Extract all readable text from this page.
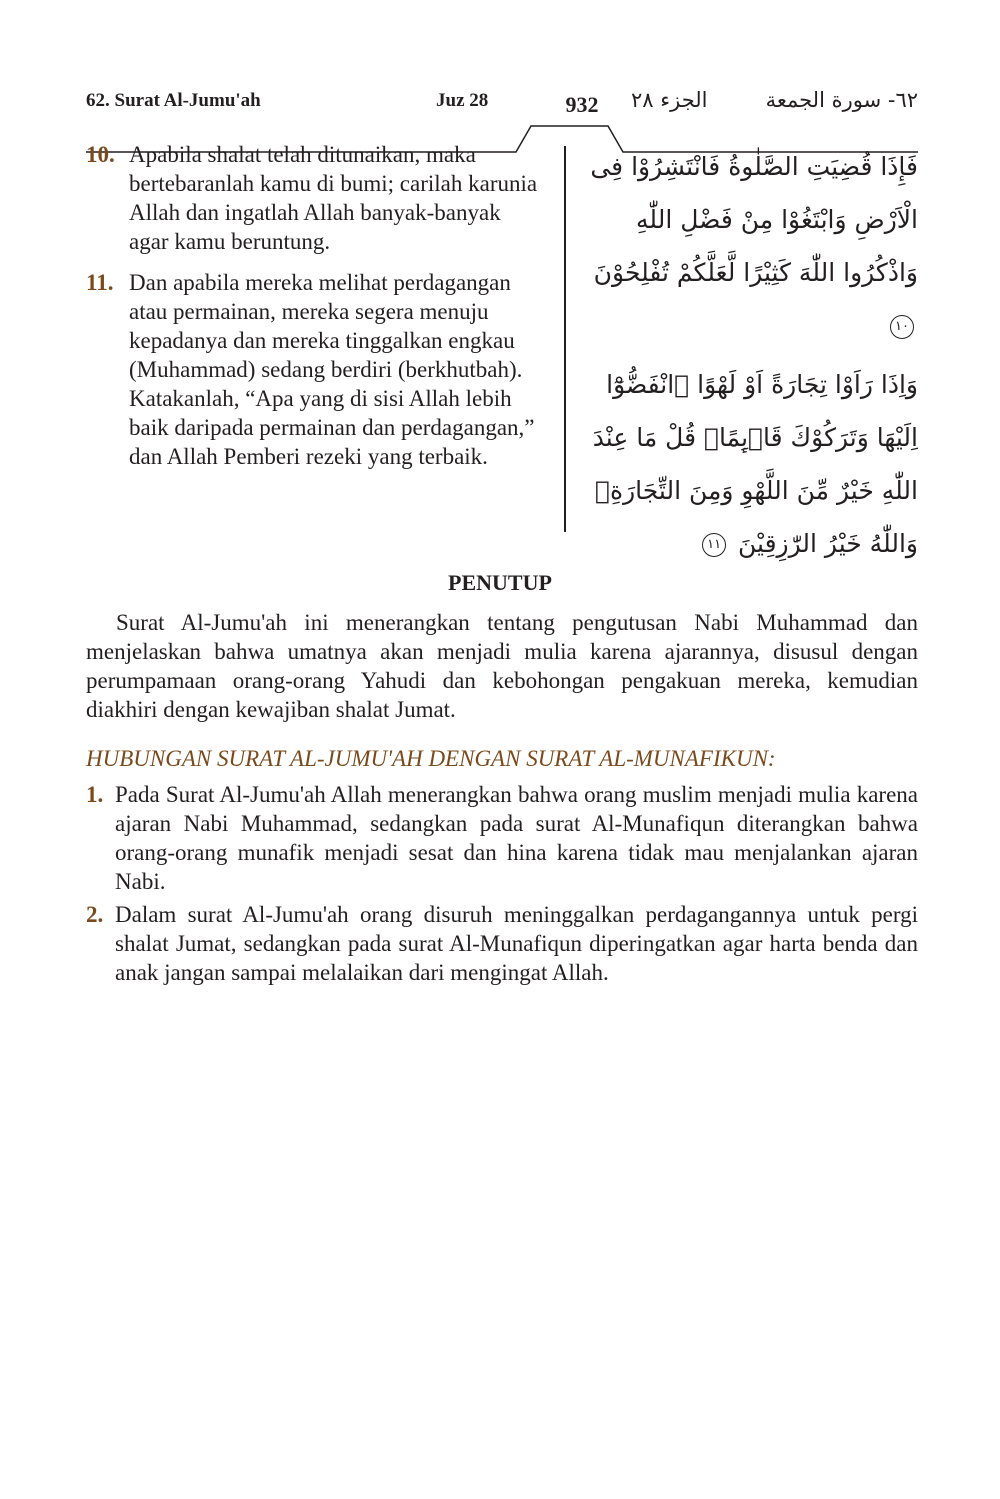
62. Surat Al-Jumu'ah	Juz 28	932	الجزء ٢٨	٦٢- سورة الجمعة
10. Apabila shalat telah ditunaikan, maka bertebaranlah kamu di bumi; carilah karunia Allah dan ingatlah Allah banyak-banyak agar kamu beruntung.
11. Dan apabila mereka melihat perdagangan atau permainan, mereka segera menuju kepadanya dan mereka tinggalkan engkau (Muhammad) sedang berdiri (berkhutbah). Katakanlah, “Apa yang di sisi Allah lebih baik daripada permainan dan perdagangan,” dan Allah Pemberi rezeki yang terbaik.
فَإِذَا قُضِيَتِ الصَّلٰوةُ فَانْتَشِرُوْا فِى الْاَرْضِ وَابْتَغُوْا مِنْ فَضْلِ اللّٰهِ وَاذْكُرُوا اللّٰهَ كَثِيْرًا لَّعَلَّكُمْ تُفْلِحُوْنَ ١٠
وَاِذَا رَاَوْا تِجَارَةً اَوْ لَهْوًا ࣙانْفَضُّوْٓا اِلَيْهَا وَتَرَكُوْكَ قَاۤىِٕمًاۗ قُلْ مَا عِنْدَ اللّٰهِ خَيْرٌ مِّنَ اللَّهْوِ وَمِنَ التِّجَارَةِۗ وَاللّٰهُ خَيْرُ الرّٰزِقِيْنَ ١١
PENUTUP
Surat Al-Jumu'ah ini menerangkan tentang pengutusan Nabi Muhammad dan menjelaskan bahwa umatnya akan menjadi mulia karena ajarannya, disusul dengan perumpamaan orang-orang Yahudi dan kebohongan pengakuan mereka, kemudian diakhiri dengan kewajiban shalat Jumat.
HUBUNGAN SURAT AL-JUMU'AH DENGAN SURAT AL-MUNAFIKUN:
1. Pada Surat Al-Jumu'ah Allah menerangkan bahwa orang muslim menjadi mulia karena ajaran Nabi Muhammad, sedangkan pada surat Al-Munafiqun diterangkan bahwa orang-orang munafik menjadi sesat dan hina karena tidak mau menjalankan ajaran Nabi.
2. Dalam surat Al-Jumu'ah orang disuruh meninggalkan perdagangannya untuk pergi shalat Jumat, sedangkan pada surat Al-Munafiqun diperingatkan agar harta benda dan anak jangan sampai melalaikan dari mengingat Allah.
